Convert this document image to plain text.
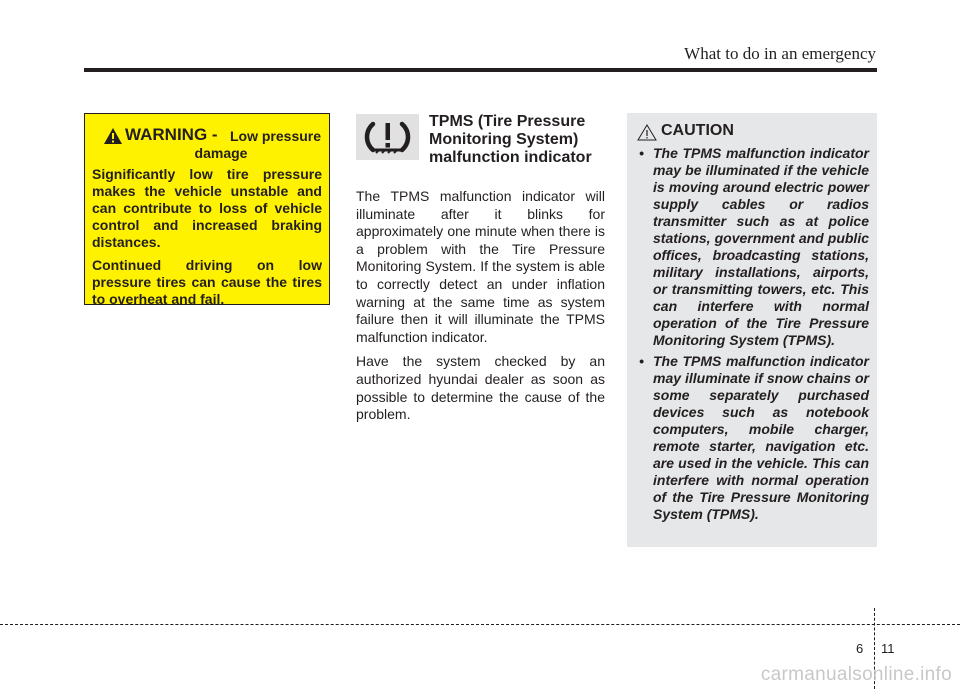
What to do in an emergency
WARNING - Low pressure
damage

Significantly low tire pressure makes the vehicle unstable and can contribute to loss of vehicle control and increased braking distances.

Continued driving on low pressure tires can cause the tires to overheat and fail.

TPMS (Tire Pressure
Monitoring System)
malfunction indicator

The TPMS malfunction indicator will illuminate after it blinks for approximately one minute when there is a problem with the Tire Pressure Monitoring System. If the system is able to correctly detect an under inflation warning at the same time as system failure then it will illuminate the TPMS malfunction indicator.

Have the system checked by an authorized hyundai dealer as soon as possible to determine the cause of the problem.

CAUTION
• The TPMS malfunction indicator may be illuminated if the vehicle is moving around electric power supply cables or radios transmitter such as at police stations, government and public offices, broadcasting stations, military installations, airports, or transmitting towers, etc. This can interfere with normal operation of the Tire Pressure Monitoring System (TPMS).
• The TPMS malfunction indicator may illuminate if snow chains or some separately purchased devices such as notebook computers, mobile charger, remote starter, navigation etc. are used in the vehicle. This can interfere with normal operation of the Tire Pressure Monitoring System (TPMS).
6 11
carmanualsonline.info
